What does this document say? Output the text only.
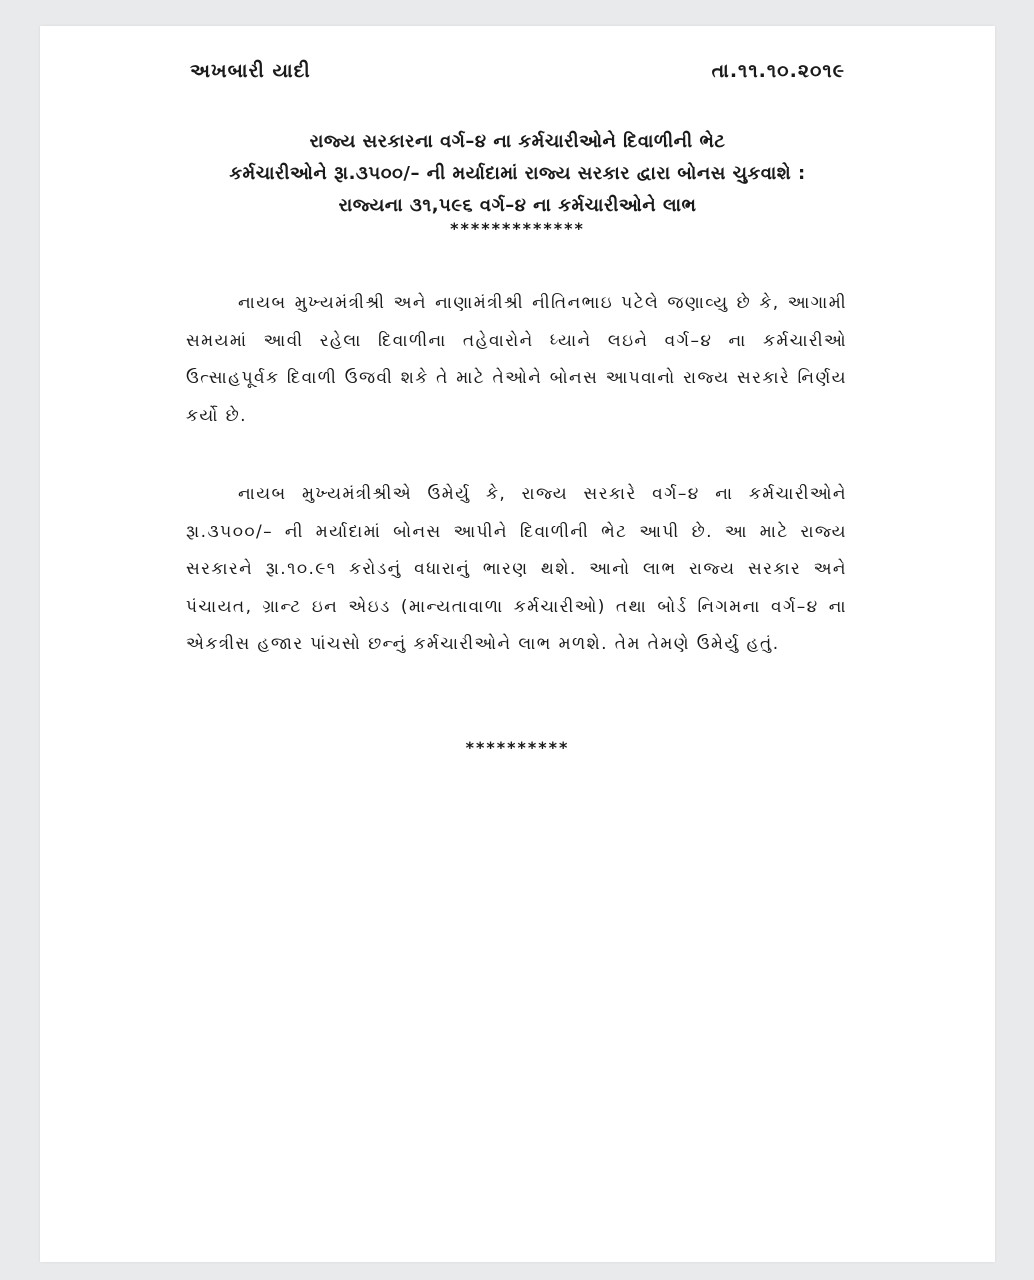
અખબારી યાદી	તા.૧૧.૧૦.૨૦૧૯
રાજ્ય સરકારના વર્ગ–૪ ના કર્મચારીઓને દિવાળીની ભેટ
કર્મચારીઓને રૂા.૩૫૦૦/– ની મર્યાદામાં રાજ્ય સરકાર દ્વારા બોનસ ચુકવાશે :
રાજ્યના ૩૧,૫૯૬ વર્ગ–૪ ના કર્મચારીઓને લાભ
*************

નાયબ મુખ્યમંત્રીશ્રી અને નાણામંત્રીશ્રી નીતિનભાઇ પટેલે જણાવ્યુ છે કે, આગામી સમયમાં આવી રહેલા દિવાળીના તહેવારોને ધ્યાને લઇને વર્ગ–૪ ના કર્મચારીઓ ઉત્સાહપૂર્વક દિવાળી ઉજવી શકે તે માટે તેઓને બોનસ આપવાનો રાજ્ય સરકારે નિર્ણય કર્યો છે.

નાયબ મુખ્યમંત્રીશ્રીએ ઉમેર્યુ કે, રાજ્ય સરકારે વર્ગ–૪ ના કર્મચારીઓને રૂા.૩૫૦૦/– ની મર્યાદામાં બોનસ આપીને દિવાળીની ભેટ આપી છે. આ માટે રાજ્ય સરકારને રૂા.૧૦.૯૧ કરોડનું વધારાનું ભારણ થશે. આનો લાભ રાજ્ય સરકાર અને પંચાયત, ગ્રાન્ટ ઇન એઇડ (માન્યતાવાળા કર્મચારીઓ) તથા બોર્ડ નિગમના વર્ગ–૪ ના એકત્રીસ હજાર પાંચસો છન્નું કર્મચારીઓને લાભ મળશે. તેમ તેમણે ઉમેર્યુ હતું.

**********
